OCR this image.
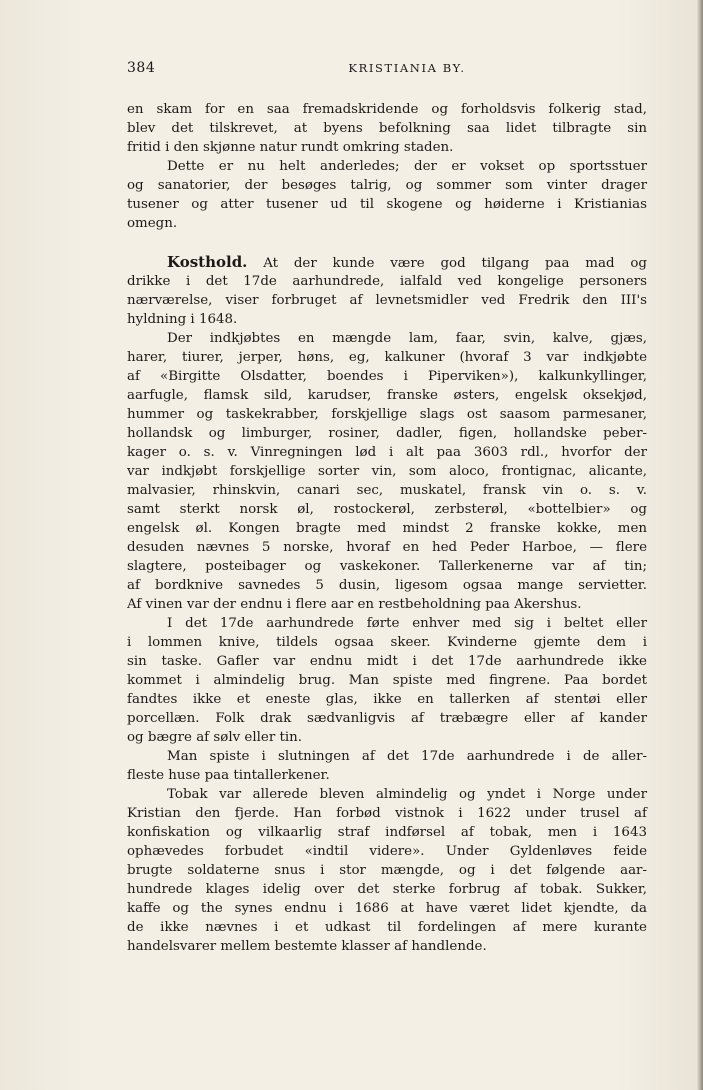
384	KRISTIANIA BY.
en skam for en saa fremadskridende og forholdsvis folkerig stad,
blev det tilskrevet, at byens befolkning saa lidet tilbragte sin
fritid i den skjønne natur rundt omkring staden.
Dette er nu helt anderledes; der er vokset op sportsstuer
og sanatorier, der besøges talrig, og sommer som vinter drager
tusener og atter tusener ud til skogene og høiderne i Kristianias
omegn.
Kosthold. At der kunde være god tilgang paa mad og
drikke i det 17de aarhundrede, ialfald ved kongelige personers
nærværelse, viser forbruget af levnetsmidler ved Fredrik den III's
hyldning i 1648.
Der indkjøbtes en mængde lam, faar, svin, kalve, gjæs,
harer, tiurer, jerper, høns, eg, kalkuner (hvoraf 3 var indkjøbte
af «Birgitte Olsdatter, boendes i Piperviken»), kalkunkyllinger,
aarfugle, flamsk sild, karudser, franske østers, engelsk oksekjød,
hummer og taskekrabber, forskjellige slags ost saasom parmesaner,
hollandsk og limburger, rosiner, dadler, figen, hollandske peber-
kager o. s. v. Vinregningen lød i alt paa 3603 rdl., hvorfor der
var indkjøbt forskjellige sorter vin, som aloco, frontignac, alicante,
malvasier, rhinskvin, canari sec, muskatel, fransk vin o. s. v.
samt sterkt norsk øl, rostockerøl, zerbsterøl, «bottelbier» og
engelsk øl. Kongen bragte med mindst 2 franske kokke, men
desuden nævnes 5 norske, hvoraf en hed Peder Harboe, — flere
slagtere, posteibager og vaskekoner. Tallerkenerne var af tin;
af bordknive savnedes 5 dusin, ligesom ogsaa mange servietter.
Af vinen var der endnu i flere aar en restbeholdning paa Akershus.
I det 17de aarhundrede førte enhver med sig i beltet eller
i lommen knive, tildels ogsaa skeer. Kvinderne gjemte dem i
sin taske. Gafler var endnu midt i det 17de aarhundrede ikke
kommet i almindelig brug. Man spiste med fingrene. Paa bordet
fandtes ikke et eneste glas, ikke en tallerken af stentøi eller
porcellæn. Folk drak sædvanligvis af træbægre eller af kander
og bægre af sølv eller tin.
Man spiste i slutningen af det 17de aarhundrede i de aller-
fleste huse paa tintallerkener.
Tobak var allerede bleven almindelig og yndet i Norge under
Kristian den fjerde. Han forbød vistnok i 1622 under trusel af
konfiskation og vilkaarlig straf indførsel af tobak, men i 1643
ophævedes forbudet «indtil videre». Under Gyldenløves feide
brugte soldaterne snus i stor mængde, og i det følgende aar-
hundrede klages idelig over det sterke forbrug af tobak. Sukker,
kaffe og the synes endnu i 1686 at have været lidet kjendte, da
de ikke nævnes i et udkast til fordelingen af mere kurante
handelsvarer mellem bestemte klasser af handlende.
